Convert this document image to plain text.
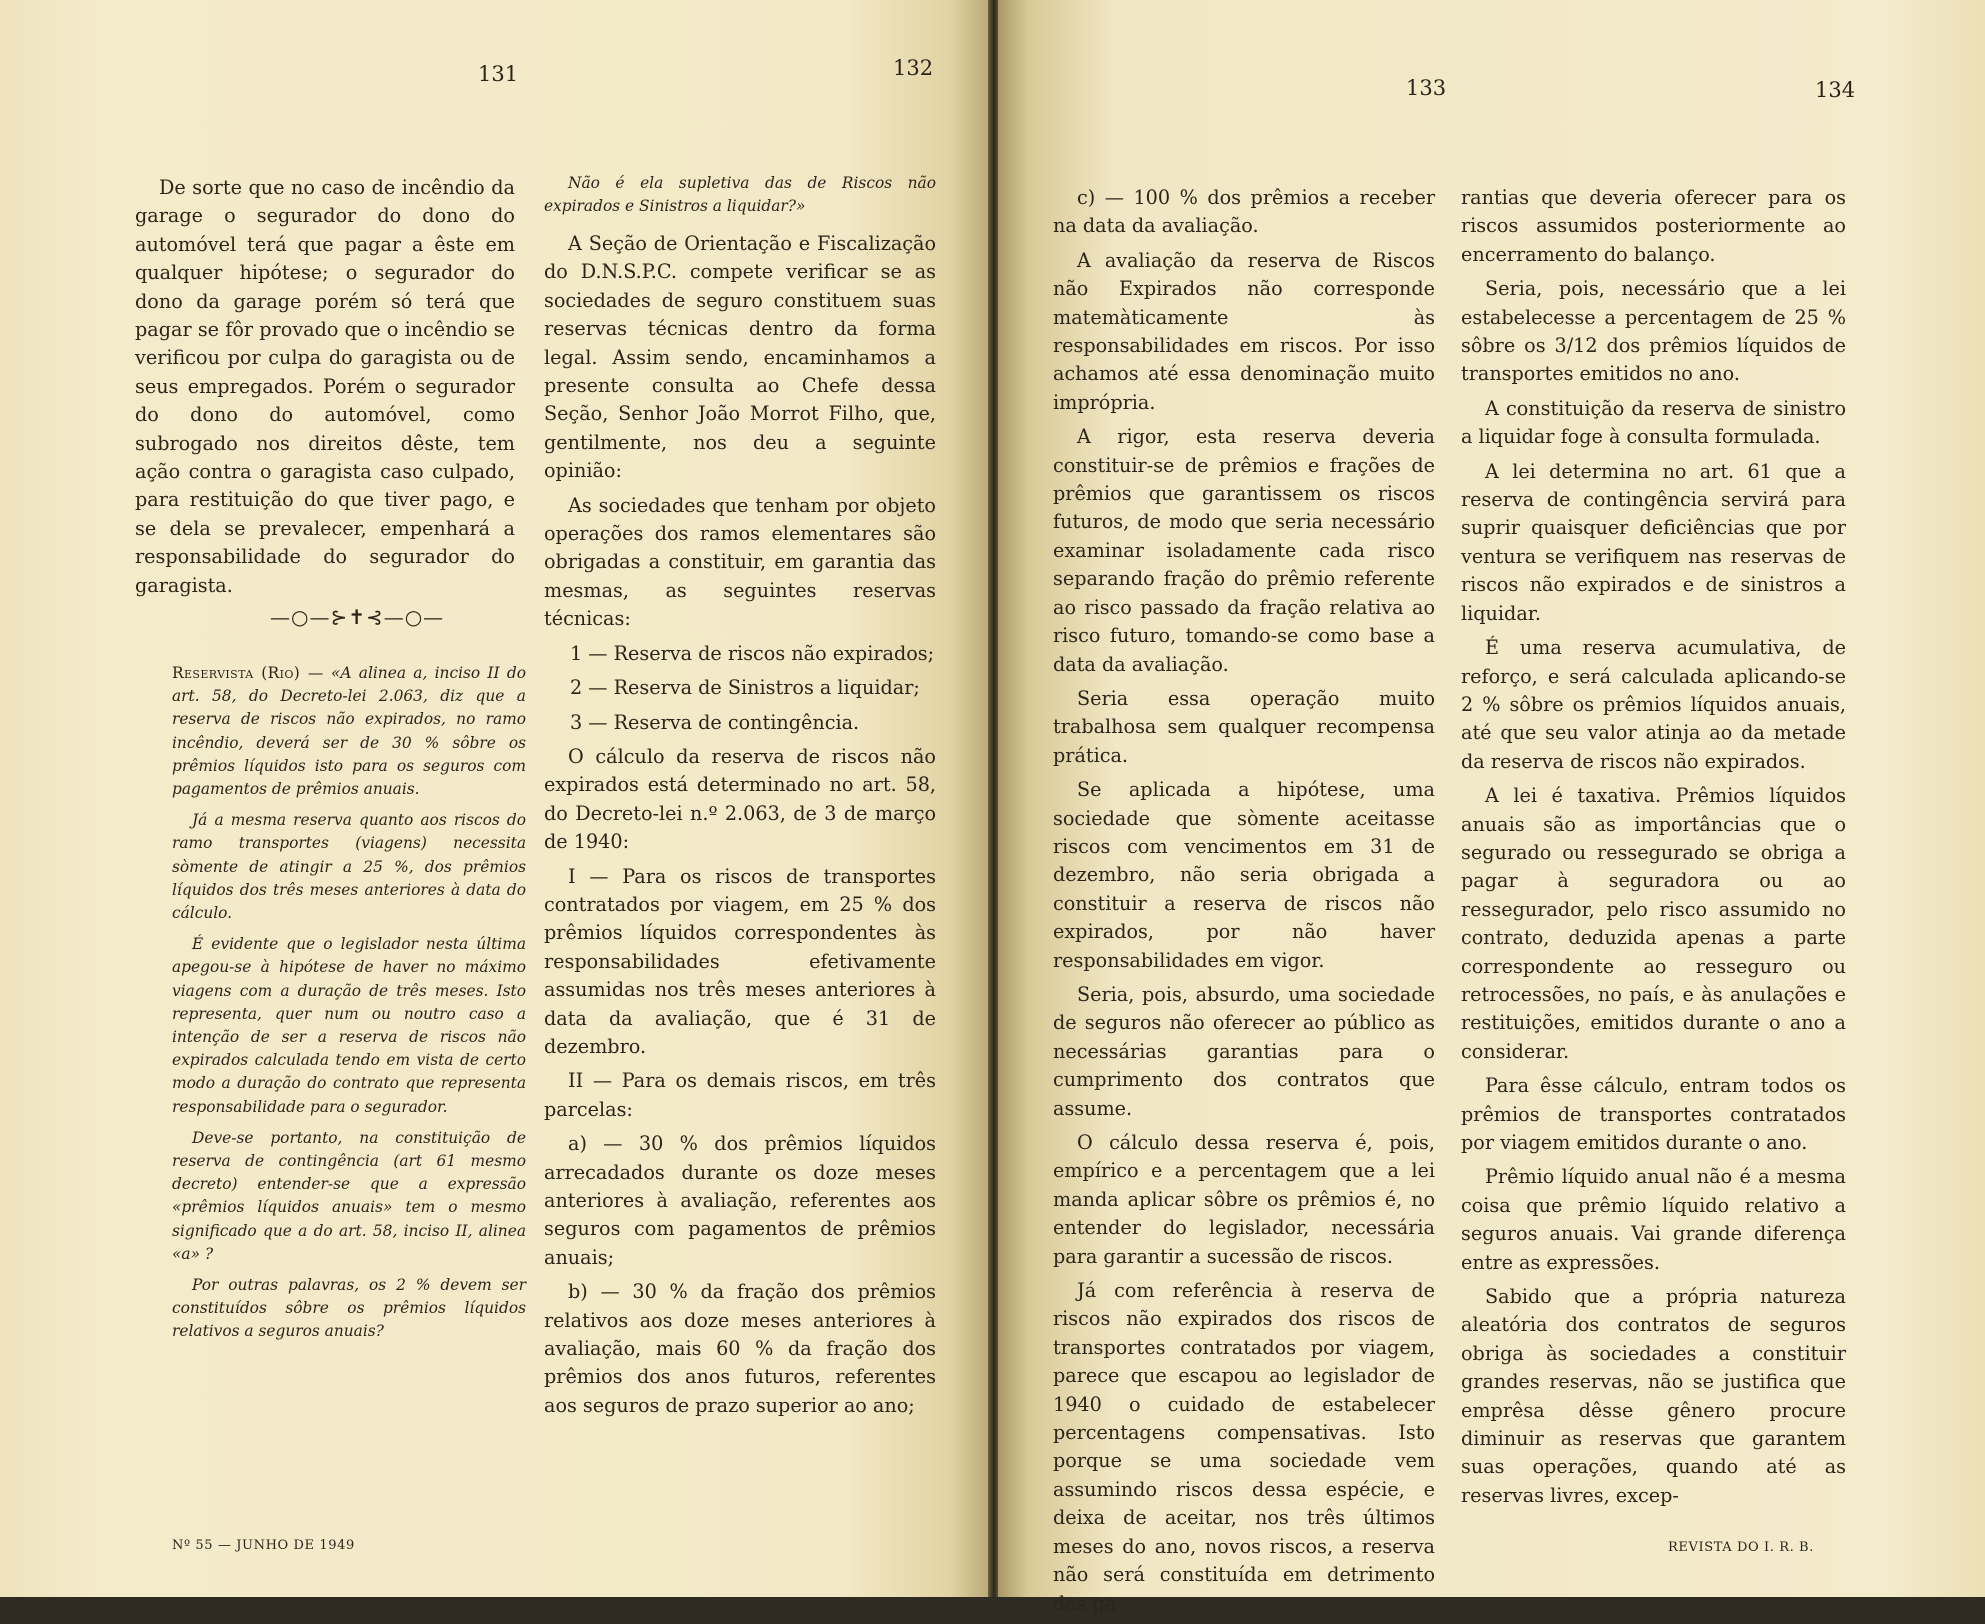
131	132

De sorte que no caso de incêndio da garage o segurador do dono do automóvel terá que pagar a êste em qualquer hipótese; o segurador do dono da garage porém só terá que pagar se fôr provado que o incêndio se verificou por culpa do garagista ou de seus empregados. Porém o segurador do dono do automóvel, como subrogado nos direitos dêste, tem ação contra o garagista caso culpado, para restituição do que tiver pago, e se dela se prevalecer, empenhará a responsabilidade do segurador do garagista.

—○—⊱✝⊰—○—

Reservista (Rio) — «A alinea a, inciso II do art. 58, do Decreto-lei 2.063, diz que a reserva de riscos não expirados, no ramo incêndio, deverá ser de 30 % sôbre os prêmios líquidos isto para os seguros com pagamentos de prêmios anuais.

Já a mesma reserva quanto aos riscos do ramo transportes (viagens) necessita sòmente de atingir a 25 %, dos prêmios líquidos dos três meses anteriores à data do cálculo.

É evidente que o legislador nesta última apegou-se à hipótese de haver no máximo viagens com a duração de três meses. Isto representa, quer num ou noutro caso a intenção de ser a reserva de riscos não expirados calculada tendo em vista de certo modo a duração do contrato que representa responsabilidade para o segurador.

Deve-se portanto, na constituição de reserva de contingência (art 61 mesmo decreto) entender-se que a expressão «prêmios líquidos anuais» tem o mesmo significado que a do art. 58, inciso II, alinea «a» ?

Por outras palavras, os 2 % devem ser constituídos sôbre os prêmios líquidos relativos a seguros anuais?

Não é ela supletiva das de Riscos não expirados e Sinistros a liquidar?»

A Seção de Orientação e Fiscalização do D.N.S.P.C. compete verificar se as sociedades de seguro constituem suas reservas técnicas dentro da forma legal. Assim sendo, encaminhamos a presente consulta ao Chefe dessa Seção, Senhor João Morrot Filho, que, gentilmente, nos deu a seguinte opinião:

As sociedades que tenham por objeto operações dos ramos elementares são obrigadas a constituir, em garantia das mesmas, as seguintes reservas técnicas:

1 — Reserva de riscos não expirados;

2 — Reserva de Sinistros a liquidar;

3 — Reserva de contingência.

O cálculo da reserva de riscos não expirados está determinado no art. 58, do Decreto-lei n.º 2.063, de 3 de março de 1940:

I — Para os riscos de transportes contratados por viagem, em 25 % dos prêmios líquidos correspondentes às responsabilidades efetivamente assumidas nos três meses anteriores à data da avaliação, que é 31 de dezembro.

II — Para os demais riscos, em três parcelas:

a) — 30 % dos prêmios líquidos arrecadados durante os doze meses anteriores à avaliação, referentes aos seguros com pagamentos de prêmios anuais;

b) — 30 % da fração dos prêmios relativos aos doze meses anteriores à avaliação, mais 60 % da fração dos prêmios dos anos futuros, referentes aos seguros de prazo superior ao ano;

Nº 55 — JUNHO DE 1949
133	134

c) — 100 % dos prêmios a receber na data da avaliação.

A avaliação da reserva de Riscos não Expirados não corresponde matemàticamente às responsabilidades em riscos. Por isso achamos até essa denominação muito imprópria.

A rigor, esta reserva deveria constituir-se de prêmios e frações de prêmios que garantissem os riscos futuros, de modo que seria necessário examinar isoladamente cada risco separando fração do prêmio referente ao risco passado da fração relativa ao risco futuro, tomando-se como base a data da avaliação.

Seria essa operação muito trabalhosa sem qualquer recompensa prática.

Se aplicada a hipótese, uma sociedade que sòmente aceitasse riscos com vencimentos em 31 de dezembro, não seria obrigada a constituir a reserva de riscos não expirados, por não haver responsabilidades em vigor.

Seria, pois, absurdo, uma sociedade de seguros não oferecer ao público as necessárias garantias para o cumprimento dos contratos que assume.

O cálculo dessa reserva é, pois, empírico e a percentagem que a lei manda aplicar sôbre os prêmios é, no entender do legislador, necessária para garantir a sucessão de riscos.

Já com referência à reserva de riscos não expirados dos riscos de transportes contratados por viagem, parece que escapou ao legislador de 1940 o cuidado de estabelecer percentagens compensativas. Isto porque se uma sociedade vem assumindo riscos dessa espécie, e deixa de aceitar, nos três últimos meses do ano, novos riscos, a reserva não será constituída em detrimento das ga-

rantias que deveria oferecer para os riscos assumidos posteriormente ao encerramento do balanço.

Seria, pois, necessário que a lei estabelecesse a percentagem de 25 % sôbre os 3/12 dos prêmios líquidos de transportes emitidos no ano.

A constituição da reserva de sinistro a liquidar foge à consulta formulada.

A lei determina no art. 61 que a reserva de contingência servirá para suprir quaisquer deficiências que por ventura se verifiquem nas reservas de riscos não expirados e de sinistros a liquidar.

É uma reserva acumulativa, de reforço, e será calculada aplicando-se 2 % sôbre os prêmios líquidos anuais, até que seu valor atinja ao da metade da reserva de riscos não expirados.

A lei é taxativa. Prêmios líquidos anuais são as importâncias que o segurado ou ressegurado se obriga a pagar à seguradora ou ao ressegurador, pelo risco assumido no contrato, deduzida apenas a parte correspondente ao resseguro ou retrocessões, no país, e às anulações e restituições, emitidos durante o ano a considerar.

Para êsse cálculo, entram todos os prêmios de transportes contratados por viagem emitidos durante o ano.

Prêmio líquido anual não é a mesma coisa que prêmio líquido relativo a seguros anuais. Vai grande diferença entre as expressões.

Sabido que a própria natureza aleatória dos contratos de seguros obriga às sociedades a constituir grandes reservas, não se justifica que emprêsa dêsse gênero procure diminuir as reservas que garantem suas operações, quando até as reservas livres, excep-

REVISTA DO I. R. B.
